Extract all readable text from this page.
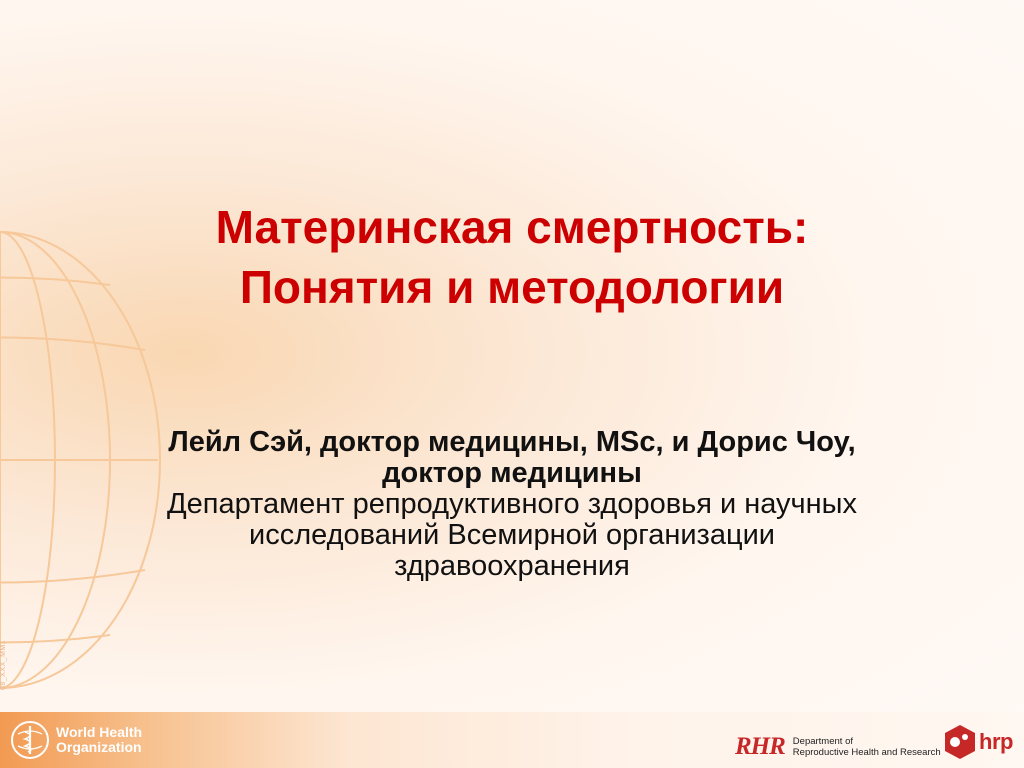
Материнская смертность:
Понятия и методологии
Лейл Сэй, доктор медицины, MSc, и Дорис Чоу,
доктор медицины
Департамент репродуктивного здоровья и научных
исследований Всемирной организации
здравоохранения
08_XXX_MM1
World Health
Organization	RHR Department of
Reproductive Health and Research hrp
